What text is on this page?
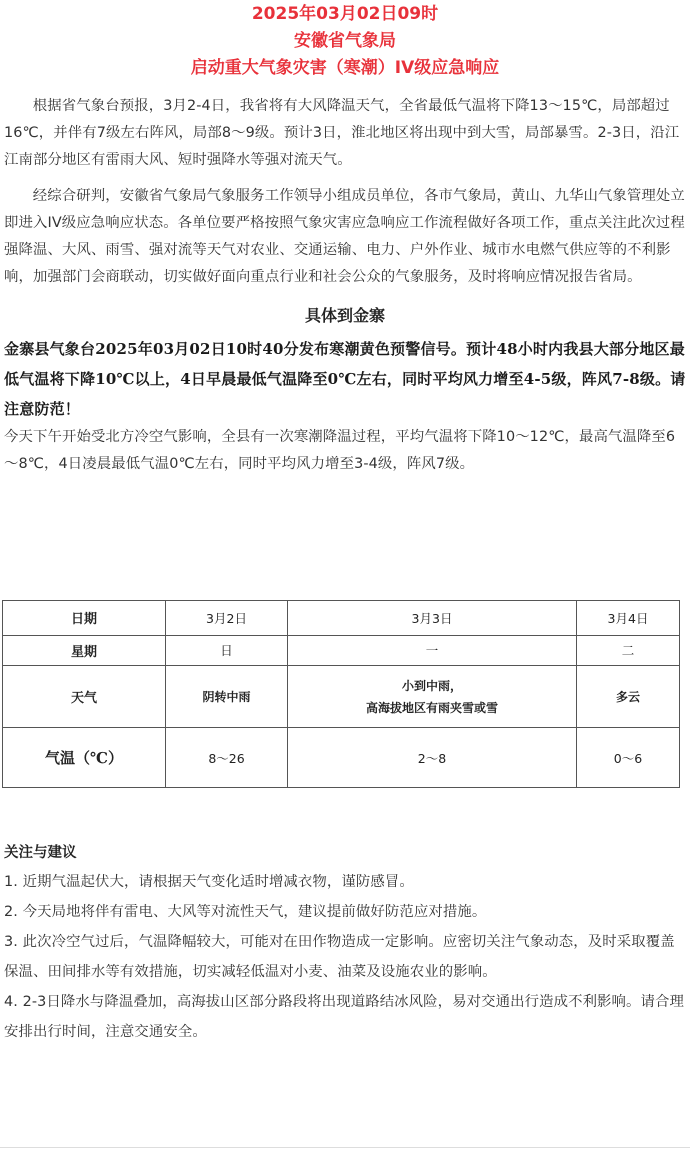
2025年03月02日09时
安徽省气象局
启动重大气象灾害（寒潮）IV级应急响应
根据省气象台预报，3月2-4日，我省将有大风降温天气，全省最低气温将下降13～15℃，局部超过16℃，并伴有7级左右阵风，局部8～9级。预计3日，淮北地区将出现中到大雪，局部暴雪。2-3日，沿江江南部分地区有雷雨大风、短时强降水等强对流天气。
经综合研判，安徽省气象局气象服务工作领导小组成员单位，各市气象局，黄山、九华山气象管理处立即进入IV级应急响应状态。各单位要严格按照气象灾害应急响应工作流程做好各项工作，重点关注此次过程强降温、大风、雨雪、强对流等天气对农业、交通运输、电力、户外作业、城市水电燃气供应等的不利影响，加强部门会商联动，切实做好面向重点行业和社会公众的气象服务，及时将响应情况报告省局。
具体到金寨
金寨县气象台2025年03月02日10时40分发布寒潮黄色预警信号。预计48小时内我县大部分地区最低气温将下降10℃以上，4日早晨最低气温降至0℃左右，同时平均风力增至4-5级，阵风7-8级。请注意防范！
今天下午开始受北方冷空气影响，全县有一次寒潮降温过程，平均气温将下降10～12℃，最高气温降至6～8℃，4日凌晨最低气温0℃左右，同时平均风力增至3-4级，阵风7级。
日期	3月2日	3月3日	3月4日
星期	日	一	二
天气	阴转中雨	小到中雨，
高海拔地区有雨夹雪或雪	多云

气温（℃）	8～26	2～8	0～6
关注与建议
1. 近期气温起伏大，请根据天气变化适时增减衣物，谨防感冒。
2. 今天局地将伴有雷电、大风等对流性天气，建议提前做好防范应对措施。
3. 此次冷空气过后，气温降幅较大，可能对在田作物造成一定影响。应密切关注气象动态，及时采取覆盖保温、田间排水等有效措施，切实减轻低温对小麦、油菜及设施农业的影响。
4. 2-3日降水与降温叠加，高海拔山区部分路段将出现道路结冰风险，易对交通出行造成不利影响。请合理安排出行时间，注意交通安全。
